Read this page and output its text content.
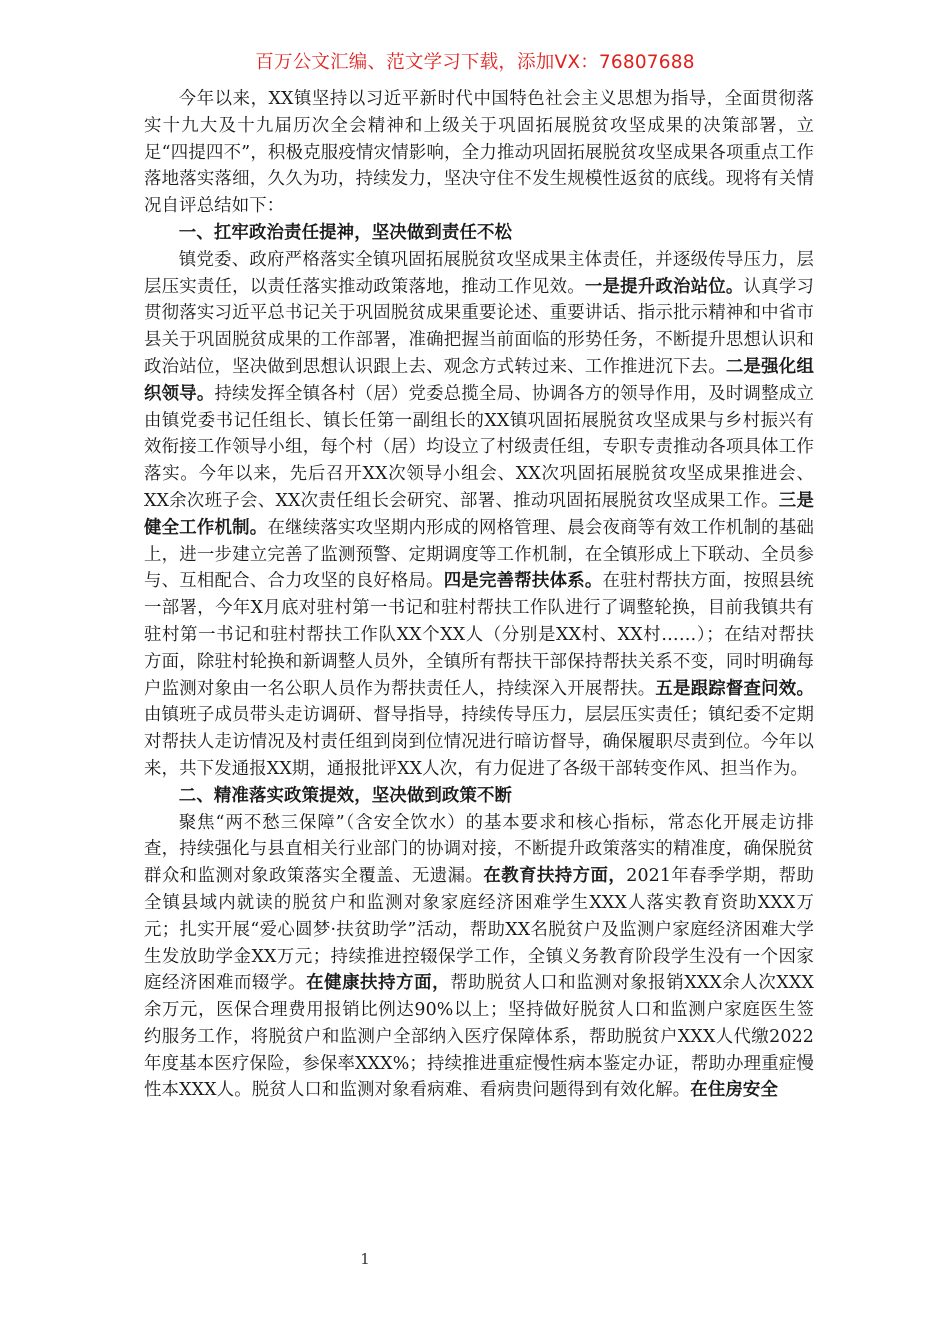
百万公文汇编、范文学习下载，添加VX：76807688

今年以来，XX镇坚持以习近平新时代中国特色社会主义思想为指导，全面贯彻落实十九大及十九届历次全会精神和上级关于巩固拓展脱贫攻坚成果的决策部署，立足“四提四不”，积极克服疫情灾情影响，全力推动巩固拓展脱贫攻坚成果各项重点工作落地落实落细，久久为功，持续发力，坚决守住不发生规模性返贫的底线。现将有关情况自评总结如下：

一、扛牢政治责任提神，坚决做到责任不松

镇党委、政府严格落实全镇巩固拓展脱贫攻坚成果主体责任，并逐级传导压力，层层压实责任，以责任落实推动政策落地，推动工作见效。一是提升政治站位。认真学习贯彻落实习近平总书记关于巩固脱贫成果重要论述、重要讲话、指示批示精神和中省市县关于巩固脱贫成果的工作部署，准确把握当前面临的形势任务，不断提升思想认识和政治站位，坚决做到思想认识跟上去、观念方式转过来、工作推进沉下去。二是强化组织领导。持续发挥全镇各村（居）党委总揽全局、协调各方的领导作用，及时调整成立由镇党委书记任组长、镇长任第一副组长的XX镇巩固拓展脱贫攻坚成果与乡村振兴有效衔接工作领导小组，每个村（居）均设立了村级责任组，专职专责推动各项具体工作落实。今年以来，先后召开XX次领导小组会、XX次巩固拓展脱贫攻坚成果推进会、XX余次班子会、XX次责任组长会研究、部署、推动巩固拓展脱贫攻坚成果工作。三是健全工作机制。在继续落实攻坚期内形成的网格管理、晨会夜商等有效工作机制的基础上，进一步建立完善了监测预警、定期调度等工作机制，在全镇形成上下联动、全员参与、互相配合、合力攻坚的良好格局。四是完善帮扶体系。在驻村帮扶方面，按照县统一部署，今年X月底对驻村第一书记和驻村帮扶工作队进行了调整轮换，目前我镇共有驻村第一书记和驻村帮扶工作队XX个XX人（分别是XX村、XX村……）；在结对帮扶方面，除驻村轮换和新调整人员外，全镇所有帮扶干部保持帮扶关系不变，同时明确每户监测对象由一名公职人员作为帮扶责任人，持续深入开展帮扶。五是跟踪督查问效。由镇班子成员带头走访调研、督导指导，持续传导压力，层层压实责任；镇纪委不定期对帮扶人走访情况及村责任组到岗到位情况进行暗访督导，确保履职尽责到位。今年以来，共下发通报XX期，通报批评XX人次，有力促进了各级干部转变作风、担当作为。

二、精准落实政策提效，坚决做到政策不断

聚焦“两不愁三保障”（含安全饮水）的基本要求和核心指标，常态化开展走访排查，持续强化与县直相关行业部门的协调对接，不断提升政策落实的精准度，确保脱贫群众和监测对象政策落实全覆盖、无遗漏。在教育扶持方面，2021年春季学期，帮助全镇县域内就读的脱贫户和监测对象家庭经济困难学生XXX人落实教育资助XXX万元；扎实开展“爱心圆梦·扶贫助学”活动，帮助XX名脱贫户及监测户家庭经济困难大学生发放助学金XX万元；持续推进控辍保学工作，全镇义务教育阶段学生没有一个因家庭经济困难而辍学。在健康扶持方面，帮助脱贫人口和监测对象报销XXX余人次XXX余万元，医保合理费用报销比例达90%以上；坚持做好脱贫人口和监测户家庭医生签约服务工作，将脱贫户和监测户全部纳入医疗保障体系，帮助脱贫户XXX人代缴2022年度基本医疗保险，参保率XXX%；持续推进重症慢性病本鉴定办证，帮助办理重症慢性本XXX人。脱贫人口和监测对象看病难、看病贵问题得到有效化解。在住房安全

1
